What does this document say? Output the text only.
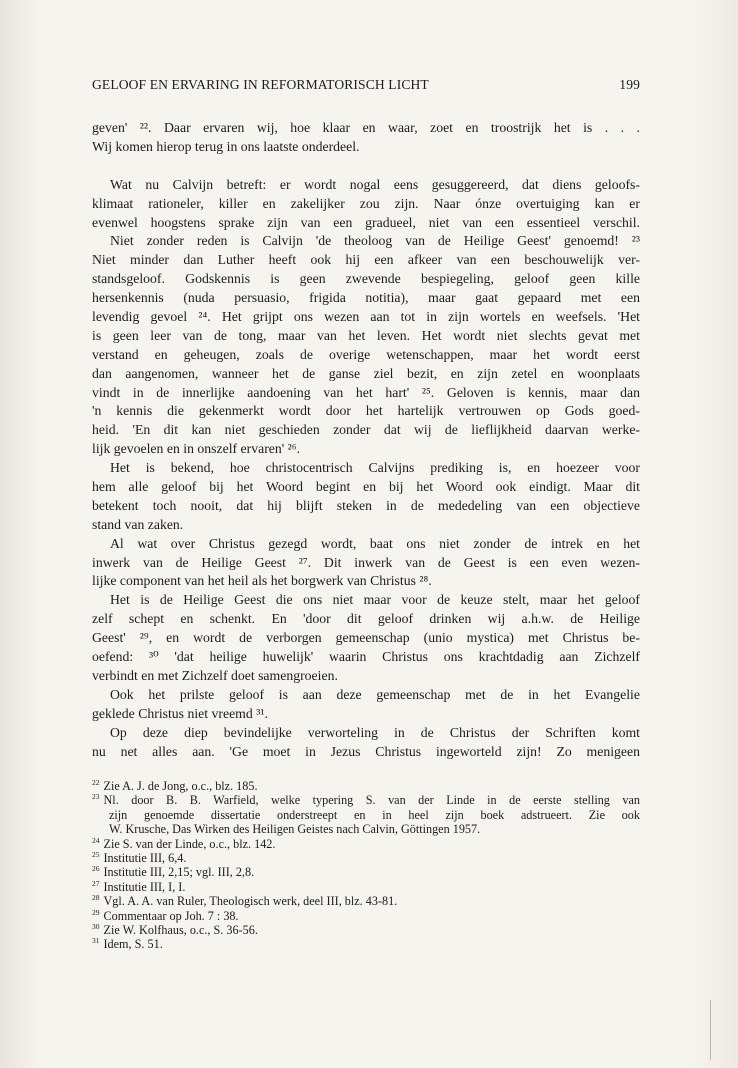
GELOOF EN ERVARING IN REFORMATORISCH LICHT	199
geven' ²². Daar ervaren wij, hoe klaar en waar, zoet en troostrijk het is . . .
Wij komen hierop terug in ons laatste onderdeel.
Wat nu Calvijn betreft: er wordt nogal eens gesuggereerd, dat diens geloofs-
klimaat rationeler, killer en zakelijker zou zijn. Naar ónze overtuiging kan er
evenwel hoogstens sprake zijn van een gradueel, niet van een essentieel verschil.
Niet zonder reden is Calvijn 'de theoloog van de Heilige Geest' genoemd! ²³
Niet minder dan Luther heeft ook hij een afkeer van een beschouwelijk ver-
standsgeloof. Godskennis is geen zwevende bespiegeling, geloof geen kille
hersenkennis (nuda persuasio, frigida notitia), maar gaat gepaard met een
levendig gevoel ²⁴. Het grijpt ons wezen aan tot in zijn wortels en weefsels. 'Het
is geen leer van de tong, maar van het leven. Het wordt niet slechts gevat met
verstand en geheugen, zoals de overige wetenschappen, maar het wordt eerst
dan aangenomen, wanneer het de ganse ziel bezit, en zijn zetel en woonplaats
vindt in de innerlijke aandoening van het hart' ²⁵. Geloven is kennis, maar dan
'n kennis die gekenmerkt wordt door het hartelijk vertrouwen op Gods goed-
heid. 'En dit kan niet geschieden zonder dat wij de lieflijkheid daarvan werke-
lijk gevoelen en in onszelf ervaren' ²⁶.
Het is bekend, hoe christocentrisch Calvijns prediking is, en hoezeer voor
hem alle geloof bij het Woord begint en bij het Woord ook eindigt. Maar dit
betekent toch nooit, dat hij blijft steken in de mededeling van een objectieve
stand van zaken.
Al wat over Christus gezegd wordt, baat ons niet zonder de intrek en het
inwerk van de Heilige Geest ²⁷. Dit inwerk van de Geest is een even wezen-
lijke component van het heil als het borgwerk van Christus ²⁸.
Het is de Heilige Geest die ons niet maar voor de keuze stelt, maar het geloof
zelf schept en schenkt. En 'door dit geloof drinken wij a.h.w. de Heilige
Geest' ²⁹, en wordt de verborgen gemeenschap (unio mystica) met Christus be-
oefend: ³⁰ 'dat heilige huwelijk' waarin Christus ons krachtdadig aan Zichzelf
verbindt en met Zichzelf doet samengroeien.
Ook het prilste geloof is aan deze gemeenschap met de in het Evangelie
geklede Christus niet vreemd ³¹.
Op deze diep bevindelijke verworteling in de Christus der Schriften komt
nu net alles aan. 'Ge moet in Jezus Christus ingeworteld zijn! Zo menigeen
$^{22}$ Zie A. J. de Jong, o.c., blz. 185.
$^{23}$ Nl. door B. B. Warfield, welke typering S. van der Linde in de eerste stelling van
zijn genoemde dissertatie onderstreept en in heel zijn boek adstrueert. Zie ook
W. Krusche, Das Wirken des Heiligen Geistes nach Calvin, Göttingen 1957.
$^{24}$ Zie S. van der Linde, o.c., blz. 142.
$^{25}$ Institutie III, 6,4.
$^{26}$ Institutie III, 2,15; vgl. III, 2,8.
$^{27}$ Institutie III, I, I.
$^{28}$ Vgl. A. A. van Ruler, Theologisch werk, deel III, blz. 43-81.
$^{29}$ Commentaar op Joh. 7 : 38.
$^{30}$ Zie W. Kolfhaus, o.c., S. 36-56.
$^{31}$ Idem, S. 51.
